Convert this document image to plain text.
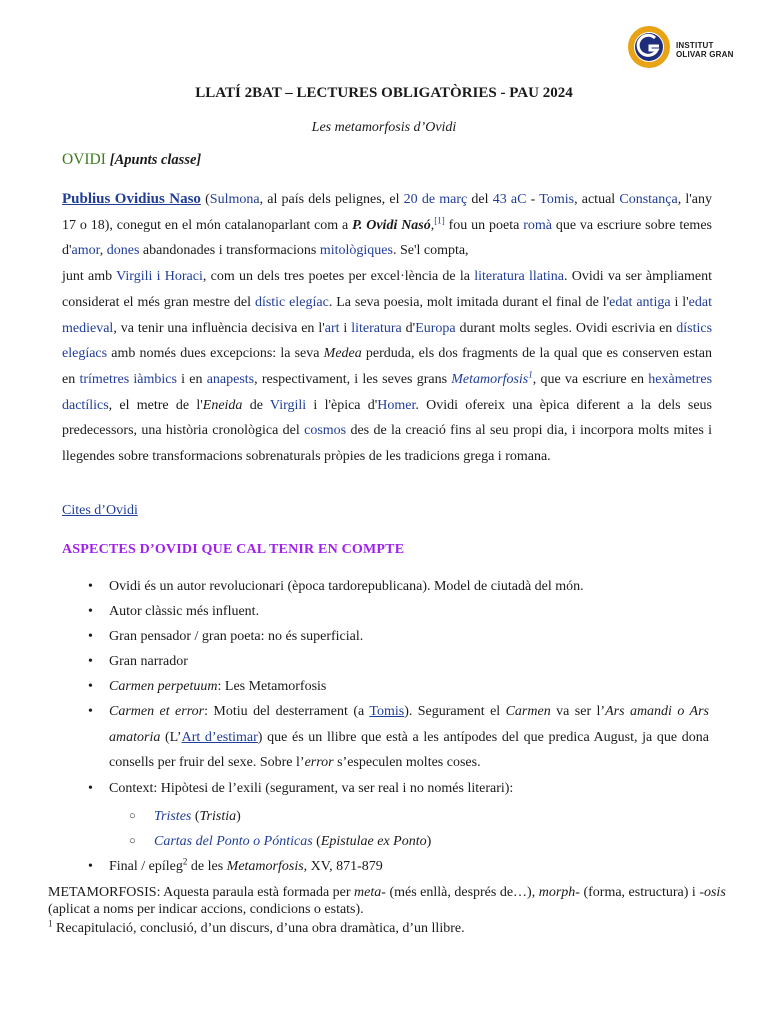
INSTITUT
OLIVAR GRAN
LLATÍ 2BAT – LECTURES OBLIGATÒRIES - PAU 2024
Les metamorfosis d’Ovidi
OVIDI [Apunts classe]

Publius Ovidius Naso (Sulmona, al país dels pelignes, el 20 de març del 43 aC - Tomis, actual Constança, l'any 17 o 18), conegut en el món catalanoparlant com a P. Ovidi Nasó,[1] fou un poeta romà que va escriure sobre temes d'amor, dones abandonades i transformacions mitològiques. Se'l compta,

junt amb Virgili i Horaci, com un dels tres poetes per excel·lència de la literatura llatina. Ovidi va ser àmpliament considerat el més gran mestre del dístic elegíac. La seva poesia, molt imitada durant el final de l'edat antiga i l'edat medieval, va tenir una influència decisiva en l'art i literatura d'Europa durant molts segles. Ovidi escrivia en dístics elegíacs amb només dues excepcions: la seva Medea perduda, els dos fragments de la qual que es conserven estan en trímetres iàmbics i en anapests, respectivament, i les seves grans Metamorfosis$^1$, que va escriure en hexàmetres dactílics, el metre de l'Eneida de Virgili i l'èpica d'Homer. Ovidi ofereix una èpica diferent a la dels seus predecessors, una història cronològica del cosmos des de la creació fins al seu propi dia, i incorpora molts mites i llegendes sobre transformacions sobrenaturals pròpies de les tradicions grega i romana.

Cites d’Ovidi
ASPECTES D’OVIDI QUE CAL TENIR EN COMPTE
• Ovidi és un autor revolucionari (època tardorepublicana). Model de ciutadà del món.
• Autor clàssic més influent.
• Gran pensador / gran poeta: no és superficial.
• Gran narrador
• Carmen perpetuum: Les Metamorfosis
• Carmen et error: Motiu del desterrament (a Tomis). Segurament el Carmen va ser l’Ars amandi o Ars amatoria (L’Art d’estimar) que és un llibre que està a les antípodes del que predica August, ja que dona consells per fruir del sexe. Sobre l’error s’especulen moltes coses.
• Context: Hipòtesi de l’exili (segurament, va ser real i no només literari):
○ Tristes (Tristia)
○ Cartas del Ponto o Pónticas (Epistulae ex Ponto)
• Final / epíleg$^2$ de les Metamorfosis, XV, 871-879
METAMORFOSIS: Aquesta paraula està formada per meta- (més enllà, després de…), morph- (forma, estructura) i -osis (aplicat a noms per indicar accions, condicions o estats).
$^1$ Recapitulació, conclusió, d’un discurs, d’una obra dramàtica, d’un llibre.
